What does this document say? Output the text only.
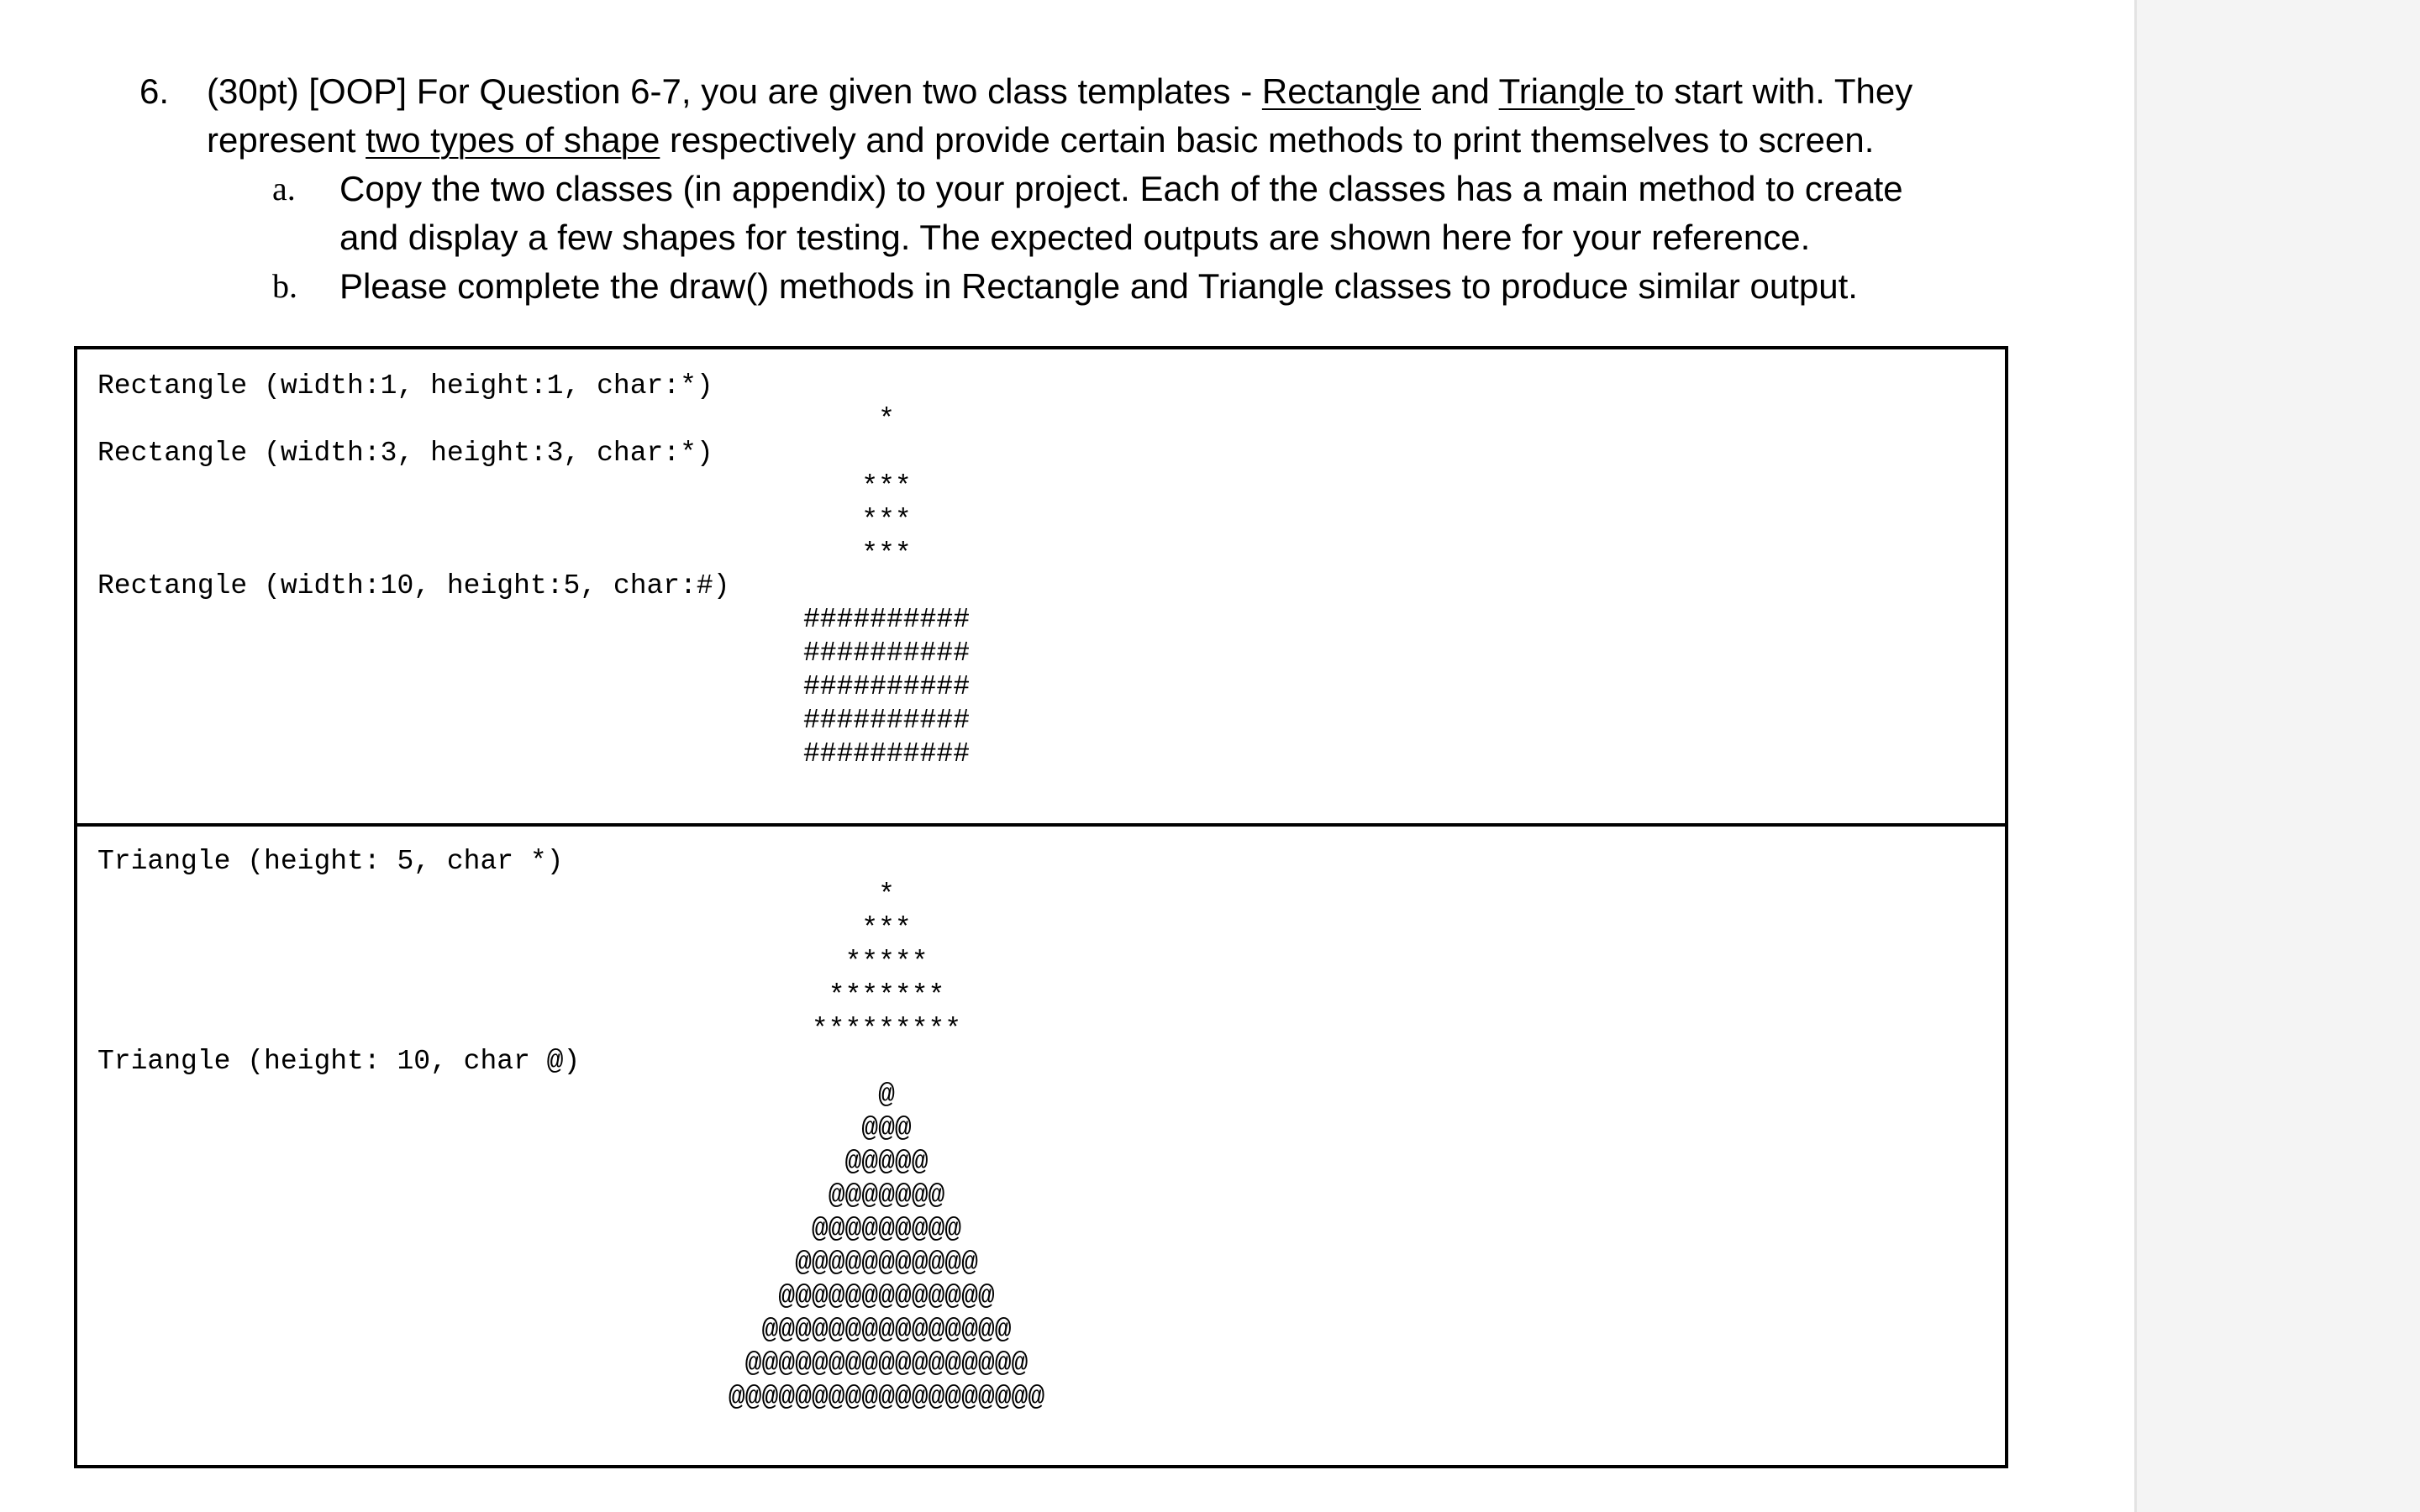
6. (30pt) [OOP] For Question 6-7, you are given two class templates - Rectangle and Triangle to start with. They
represent two types of shape respectively and provide certain basic methods to print themselves to screen.
a. Copy the two classes (in appendix) to your project. Each of the classes has a main method to create
and display a few shapes for testing. The expected outputs are shown here for your reference.
b. Please complete the draw() methods in Rectangle and Triangle classes to produce similar output.
Rectangle (width:1, height:1, char:*)
Rectangle (width:3, height:3, char:*)
Rectangle (width:10, height:5, char:#)
*
***
***
***
##########
##########
##########
##########
##########
Triangle (height: 5, char *)
Triangle (height: 10, char @)
*
***
*****
*******
*********
@
@@@
@@@@@
@@@@@@@
@@@@@@@@@
@@@@@@@@@@@
@@@@@@@@@@@@@
@@@@@@@@@@@@@@@
@@@@@@@@@@@@@@@@@
@@@@@@@@@@@@@@@@@@@
